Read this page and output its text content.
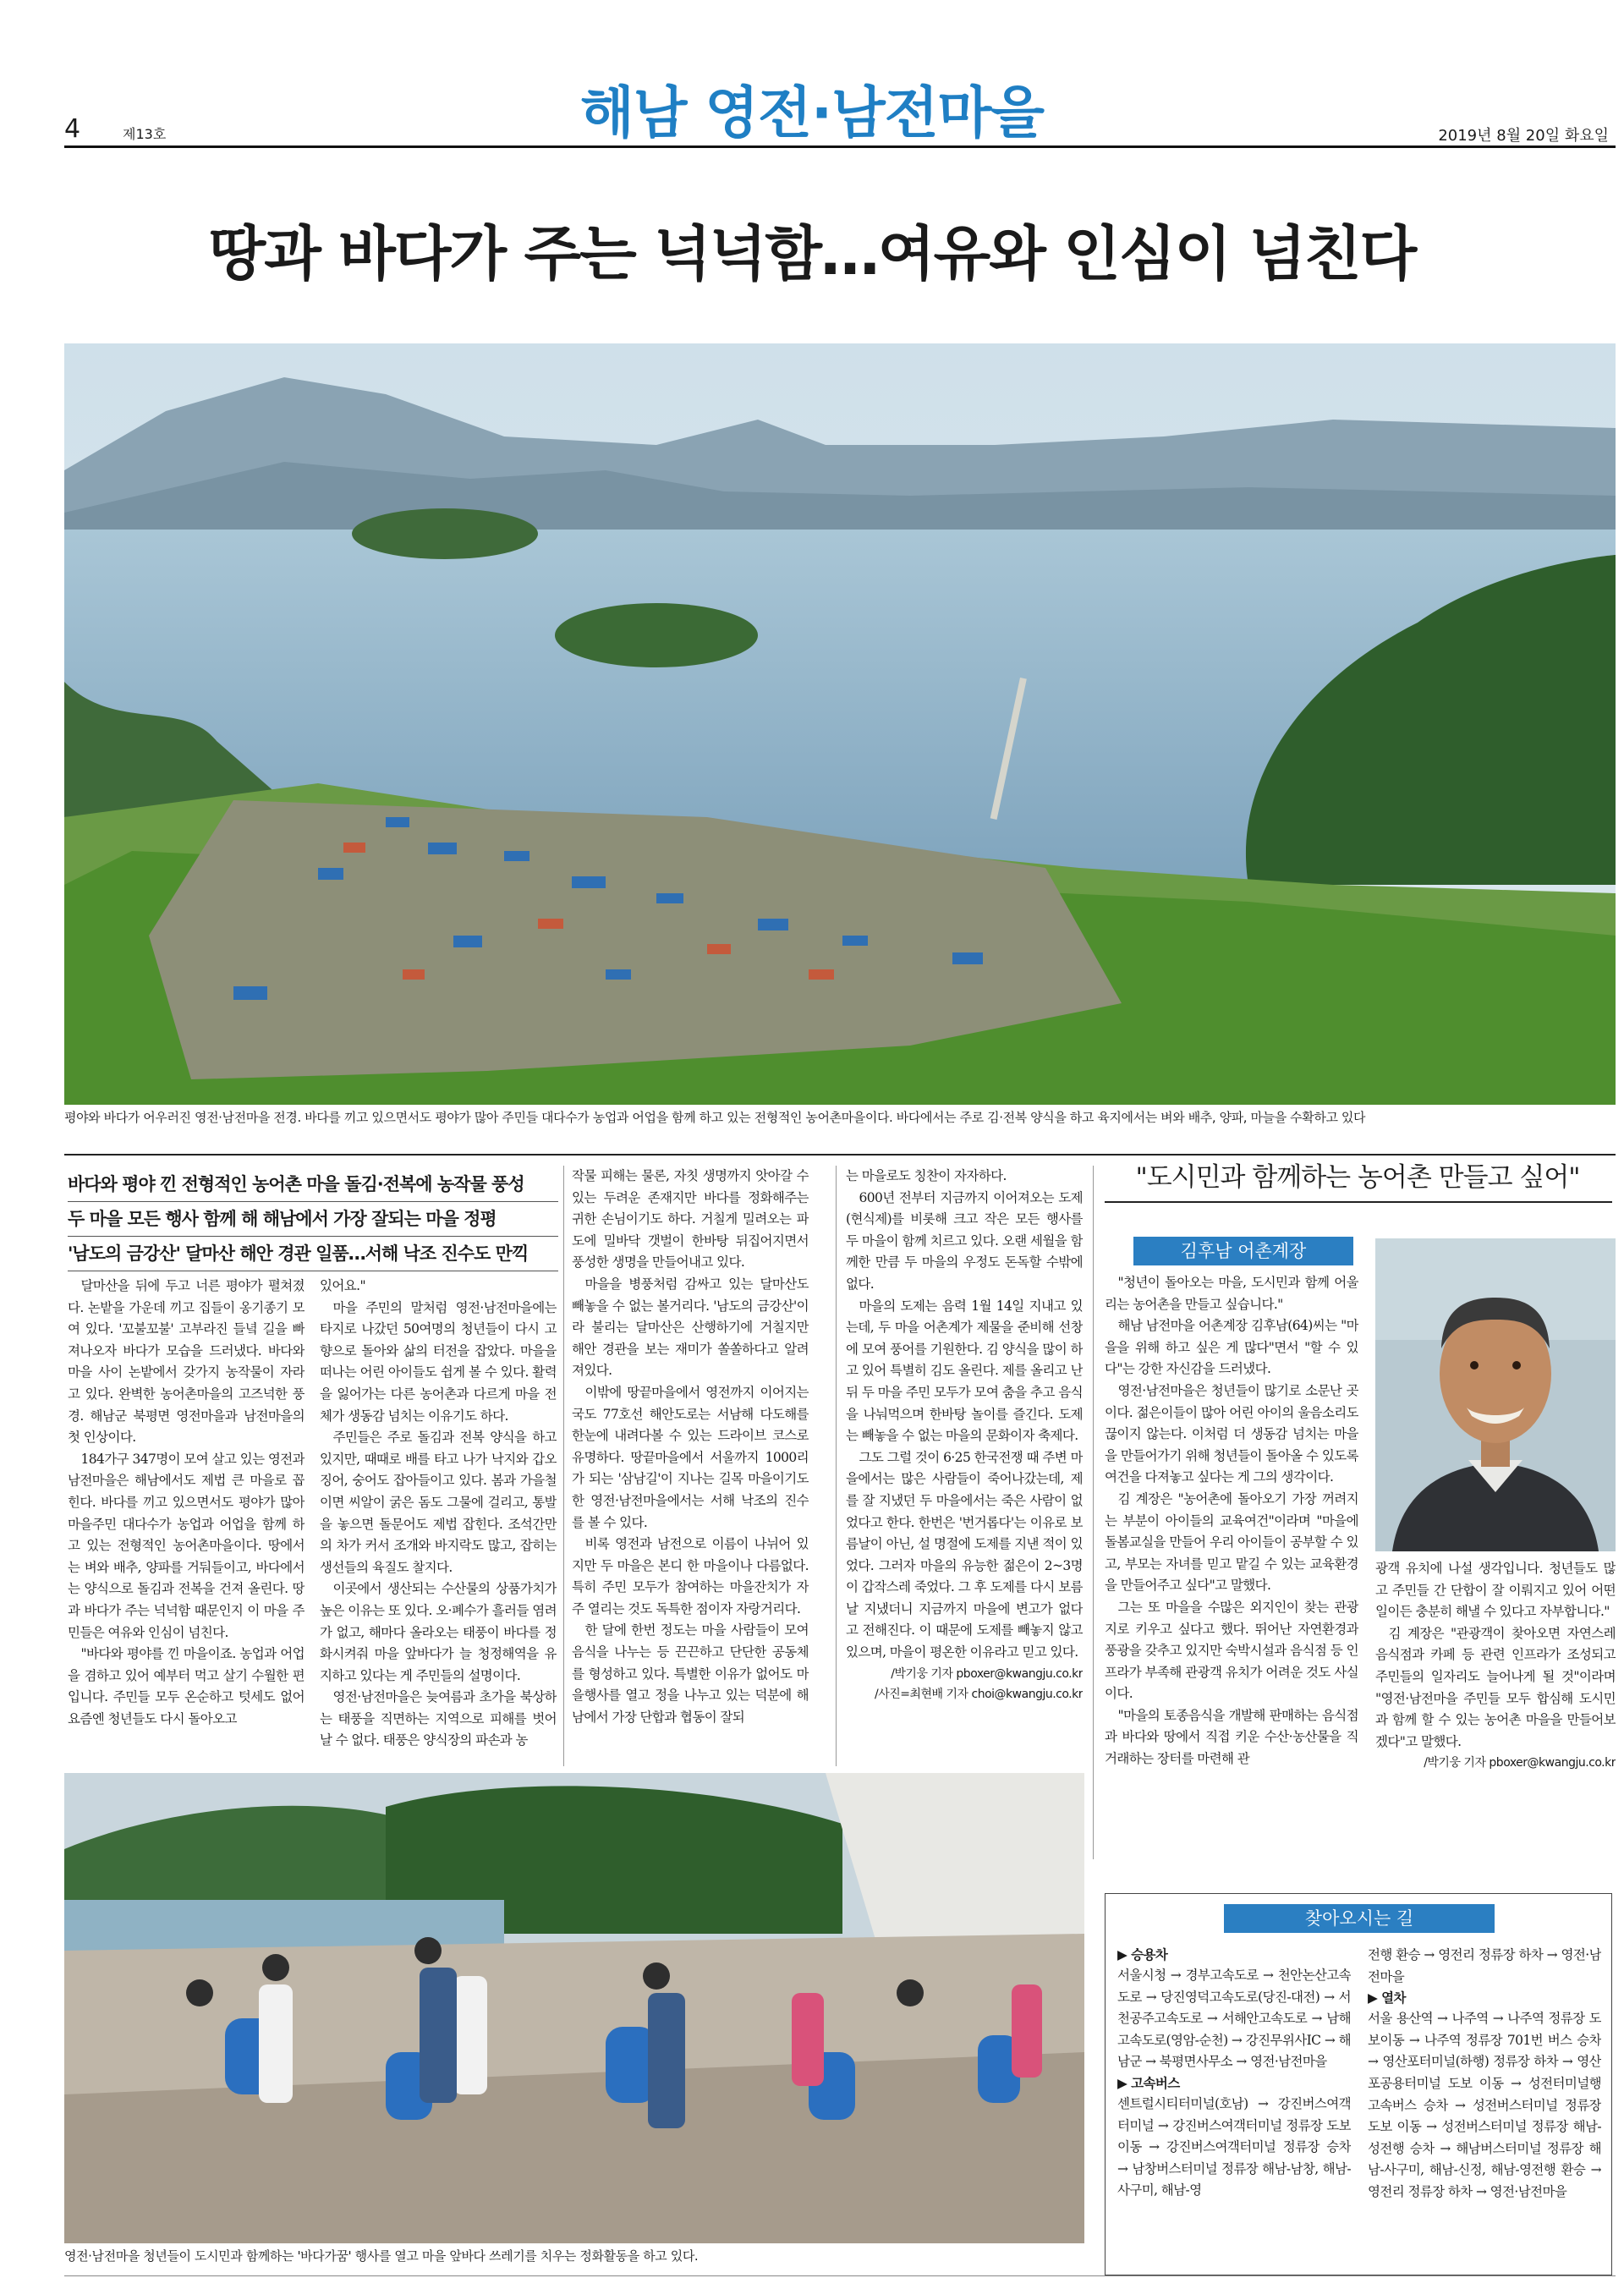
4	제13호	해남 영전·남전마을	2019년 8월 20일 화요일
땅과 바다가 주는 넉넉함…여유와 인심이 넘친다
평야와 바다가 어우러진 영전·남전마을 전경. 바다를 끼고 있으면서도 평야가 많아 주민들 대다수가 농업과 어업을 함께 하고 있는 전형적인 농어촌마을이다. 바다에서는 주로 김·전복 양식을 하고 육지에서는 벼와 배추, 양파, 마늘을 수확하고 있다
바다와 평야 낀 전형적인 농어촌 마을 돌김·전복에 농작물 풍성
두 마을 모든 행사 함께 해 해남에서 가장 잘되는 마을 정평
'남도의 금강산' 달마산 해안 경관 일품…서해 낙조 진수도 만끽

달마산을 뒤에 두고 너른 평야가 펼쳐졌다. 논밭을 가운데 끼고 집들이 옹기종기 모여 있다. '꼬불꼬불' 고부라진 들녘 길을 빠져나오자 바다가 모습을 드러냈다. 바다와 마을 사이 논밭에서 갖가지 농작물이 자라고 있다. 완벽한 농어촌마을의 고즈넉한 풍경. 해남군 북평면 영전마을과 남전마을의 첫 인상이다.

184가구 347명이 모여 살고 있는 영전과 남전마을은 해남에서도 제법 큰 마을로 꼽힌다. 바다를 끼고 있으면서도 평야가 많아 마을주민 대다수가 농업과 어업을 함께 하고 있는 전형적인 농어촌마을이다. 땅에서는 벼와 배추, 양파를 거둬들이고, 바다에서는 양식으로 돌김과 전복을 건져 올린다. 땅과 바다가 주는 넉넉함 때문인지 이 마을 주민들은 여유와 인심이 넘친다.

"바다와 평야를 낀 마을이죠. 농업과 어업을 겸하고 있어 예부터 먹고 살기 수월한 편입니다. 주민들 모두 온순하고 텃세도 없어 요즘엔 청년들도 다시 돌아오고

있어요."

마을 주민의 말처럼 영전·남전마을에는 타지로 나갔던 50여명의 청년들이 다시 고향으로 돌아와 삶의 터전을 잡았다. 마을을 떠나는 어린 아이들도 쉽게 볼 수 있다. 활력을 잃어가는 다른 농어촌과 다르게 마을 전체가 생동감 넘치는 이유기도 하다.

주민들은 주로 돌김과 전복 양식을 하고 있지만, 때때로 배를 타고 나가 낙지와 갑오징어, 숭어도 잡아들이고 있다. 봄과 가을철이면 씨알이 굵은 돔도 그물에 걸리고, 통발을 놓으면 돌문어도 제법 잡힌다. 조석간만의 차가 커서 조개와 바지락도 많고, 잡히는 생선들의 육질도 찰지다.

이곳에서 생산되는 수산물의 상품가치가 높은 이유는 또 있다. 오·폐수가 흘러들 염려가 없고, 해마다 올라오는 태풍이 바다를 정화시켜줘 마을 앞바다가 늘 청정해역을 유지하고 있다는 게 주민들의 설명이다.

영전·남전마을은 늦여름과 초가을 북상하는 태풍을 직면하는 지역으로 피해를 벗어날 수 없다. 태풍은 양식장의 파손과 농

작물 피해는 물론, 자칫 생명까지 앗아갈 수 있는 두려운 존재지만 바다를 정화해주는 귀한 손님이기도 하다. 거칠게 밀려오는 파도에 밀바닥 갯벌이 한바탕 뒤집어지면서 풍성한 생명을 만들어내고 있다.

마을을 병풍처럼 감싸고 있는 달마산도 빼놓을 수 없는 볼거리다. '남도의 금강산'이라 불리는 달마산은 산행하기에 거칠지만 해안 경관을 보는 재미가 쏠쏠하다고 알려져있다.

이밖에 땅끝마을에서 영전까지 이어지는 국도 77호선 해안도로는 서남해 다도해를 한눈에 내려다볼 수 있는 드라이브 코스로 유명하다. 땅끝마을에서 서울까지 1000리가 되는 '삼남길'이 지나는 길목 마을이기도 한 영전·남전마을에서는 서해 낙조의 진수를 볼 수 있다.

비록 영전과 남전으로 이름이 나뉘어 있지만 두 마을은 본디 한 마을이나 다름없다. 특히 주민 모두가 참여하는 마을잔치가 자주 열리는 것도 독특한 점이자 자랑거리다.

한 달에 한번 정도는 마을 사람들이 모여 음식을 나누는 등 끈끈하고 단단한 공동체를 형성하고 있다. 특별한 이유가 없어도 마을행사를 열고 정을 나누고 있는 덕분에 해남에서 가장 단합과 협동이 잘되

는 마을로도 칭찬이 자자하다.

600년 전부터 지금까지 이어져오는 도제(현식제)를 비롯해 크고 작은 모든 행사를 두 마을이 함께 치르고 있다. 오랜 세월을 함께한 만큼 두 마을의 우정도 돈독할 수밖에 없다.

마을의 도제는 음력 1월 14일 지내고 있는데, 두 마을 어촌계가 제물을 준비해 선창에 모여 풍어를 기원한다. 김 양식을 많이 하고 있어 특별히 김도 올린다. 제를 올리고 난 뒤 두 마을 주민 모두가 모여 춤을 추고 음식을 나눠먹으며 한바탕 놀이를 즐긴다. 도제는 빼놓을 수 없는 마을의 문화이자 축제다.

그도 그럴 것이 6·25 한국전쟁 때 주변 마을에서는 많은 사람들이 죽어나갔는데, 제를 잘 지냈던 두 마을에서는 죽은 사람이 없었다고 한다. 한번은 '번거롭다'는 이유로 보름날이 아닌, 설 명절에 도제를 지낸 적이 있었다. 그러자 마을의 유능한 젊은이 2~3명이 갑작스레 죽었다. 그 후 도제를 다시 보름날 지냈더니 지금까지 마을에 변고가 없다고 전해진다. 이 때문에 도제를 빼놓지 않고 있으며, 마을이 평온한 이유라고 믿고 있다.

/박기웅 기자 pboxer@kwangju.co.kr
/사진=최현배 기자 choi@kwangju.co.kr
영전·남전마을 청년들이 도시민과 함께하는 '바다가꿈' 행사를 열고 마을 앞바다 쓰레기를 치우는 정화활동을 하고 있다.
"도시민과 함께하는 농어촌 만들고 싶어"
김후남 어촌계장

"청년이 돌아오는 마을, 도시민과 함께 어울리는 농어촌을 만들고 싶습니다."

해남 남전마을 어촌계장 김후남(64)씨는 "마을을 위해 하고 싶은 게 많다"면서 "할 수 있다"는 강한 자신감을 드러냈다.

영전·남전마을은 청년들이 많기로 소문난 곳이다. 젊은이들이 많아 어린 아이의 울음소리도 끊이지 않는다. 이처럼 더 생동감 넘치는 마을을 만들어가기 위해 청년들이 돌아올 수 있도록 여건을 다져놓고 싶다는 게 그의 생각이다.

김 계장은 "농어촌에 돌아오기 가장 꺼려지는 부분이 아이들의 교육여건"이라며 "마을에 돌봄교실을 만들어 우리 아이들이 공부할 수 있고, 부모는 자녀를 믿고 맡길 수 있는 교육환경을 만들어주고 싶다"고 말했다.

그는 또 마을을 수많은 외지인이 찾는 관광지로 키우고 싶다고 했다. 뛰어난 자연환경과 풍광을 갖추고 있지만 숙박시설과 음식점 등 인프라가 부족해 관광객 유치가 어려운 것도 사실이다.

"마을의 토종음식을 개발해 판매하는 음식점과 바다와 땅에서 직접 키운 수산·농산물을 직거래하는 장터를 마련해 관

광객 유치에 나설 생각입니다. 청년들도 많고 주민들 간 단합이 잘 이뤄지고 있어 어떤 일이든 충분히 해낼 수 있다고 자부합니다."

김 계장은 "관광객이 찾아오면 자연스레 음식점과 카페 등 관련 인프라가 조성되고 주민들의 일자리도 늘어나게 될 것"이라며 "영전·남전마을 주민들 모두 합심해 도시민과 함께 할 수 있는 농어촌 마을을 만들어보겠다"고 말했다.

/박기웅 기자 pboxer@kwangju.co.kr
찾아오시는 길
▶ 승용차

서울시청 → 경부고속도로 → 천안논산고속도로 → 당진영덕고속도로(당진-대전) → 서천공주고속도로 → 서해안고속도로 → 남해고속도로(영암-순천) → 강진무위사IC → 해남군 → 북평면사무소 → 영전·남전마을

▶ 고속버스

센트럴시티터미널(호남) → 강진버스여객터미널 → 강진버스여객터미널 정류장 도보이동 → 강진버스여객터미널 정류장 승차 → 남창버스터미널 정류장 해남-남창, 해남-사구미, 해남-영

전행 환승 → 영전리 정류장 하차 → 영전·남전마을

▶ 열차

서울 용산역 → 나주역 → 나주역 정류장 도보이동 → 나주역 정류장 701번 버스 승차 → 영산포터미널(하행) 정류장 하차 → 영산포공용터미널 도보 이동 → 성전터미널행 고속버스 승차 → 성전버스터미널 정류장 도보 이동 → 성전버스터미널 정류장 해남-성전행 승차 → 해남버스터미널 정류장 해남-사구미, 해남-신정, 해남-영전행 환승 → 영전리 정류장 하차 → 영전·남전마을
